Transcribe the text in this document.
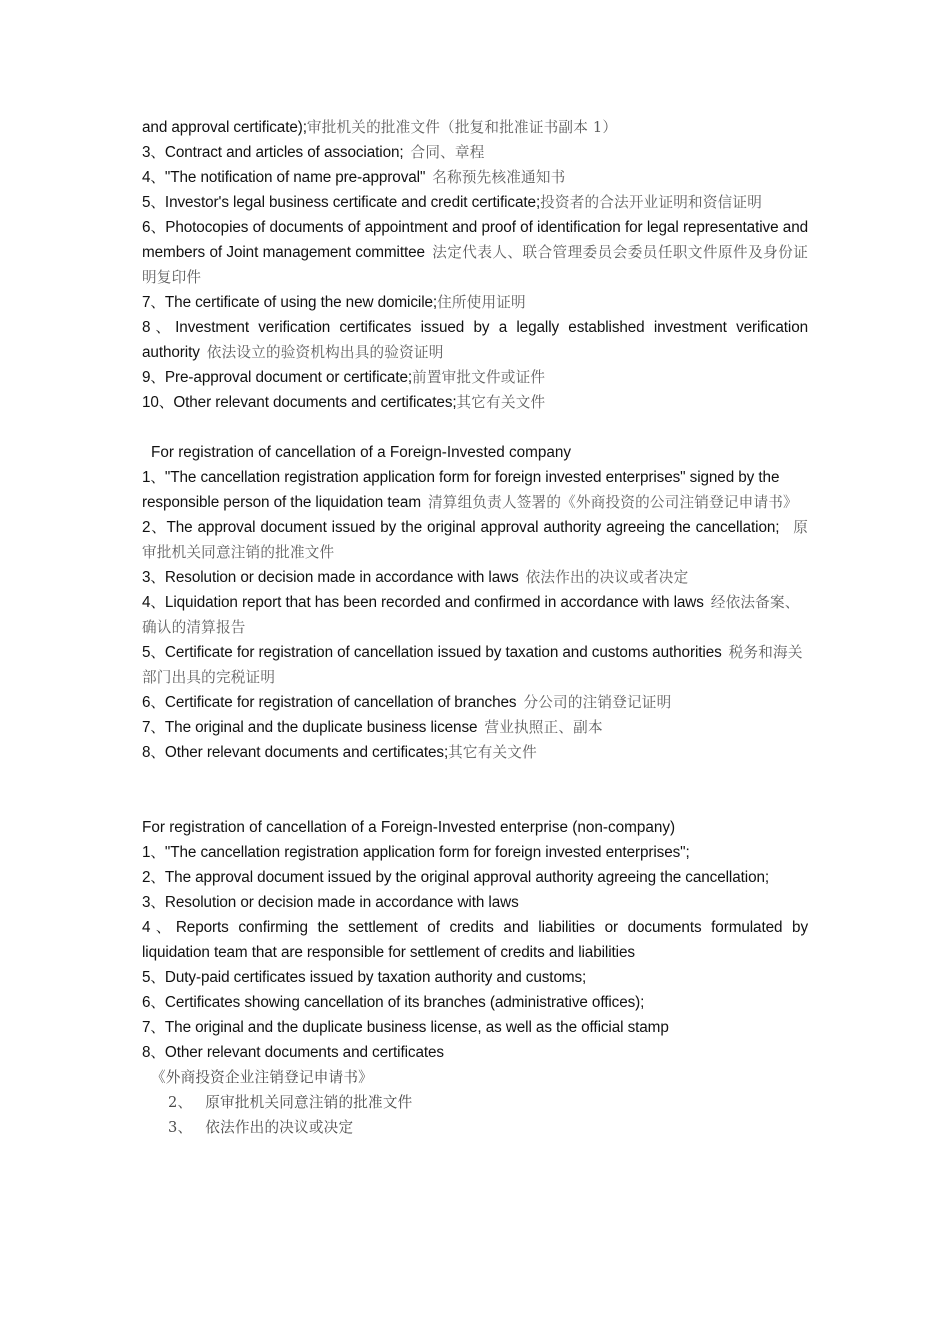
and approval certificate);审批机关的批准文件（批复和批准证书副本 1）

3、Contract and articles of association; 合同、章程

4、"The notification of name pre-approval" 名称预先核准通知书

5、Investor's legal business certificate and credit certificate;投资者的合法开业证明和资信证明

6、Photocopies of documents of appointment and proof of identification for legal representative and members of Joint management committee 法定代表人、联合管理委员会委员任职文件原件及身份证明复印件

7、The certificate of using the new domicile;住所使用证明

8、Investment verification certificates issued by a legally established investment verification authority 依法设立的验资机构出具的验资证明

9、Pre-approval document or certificate;前置审批文件或证件

10、Other relevant documents and certificates;其它有关文件

For registration of cancellation of a Foreign-Invested company

1、"The cancellation registration application form for foreign invested enterprises" signed by the responsible person of the liquidation team 清算组负责人签署的《外商投资的公司注销登记申请书》

2、The approval document issued by the original approval authority agreeing the cancellation; 原审批机关同意注销的批准文件

3、Resolution or decision made in accordance with laws 依法作出的决议或者决定

4、Liquidation report that has been recorded and confirmed in accordance with laws 经依法备案、确认的清算报告

5、Certificate for registration of cancellation issued by taxation and customs authorities 税务和海关部门出具的完税证明

6、Certificate for registration of cancellation of branches 分公司的注销登记证明

7、The original and the duplicate business license 营业执照正、副本

8、Other relevant documents and certificates;其它有关文件

For registration of cancellation of a Foreign-Invested enterprise (non-company)

1、"The cancellation registration application form for foreign invested enterprises";

2、The approval document issued by the original approval authority agreeing the cancellation;

3、Resolution or decision made in accordance with laws

4、Reports confirming the settlement of credits and liabilities or documents formulated by liquidation team that are responsible for settlement of credits and liabilities

5、Duty-paid certificates issued by taxation authority and customs;

6、Certificates showing cancellation of its branches (administrative offices);

7、The original and the duplicate business license, as well as the official stamp

8、Other relevant documents and certificates

《外商投资企业注销登记申请书》

2、 原审批机关同意注销的批准文件

3、 依法作出的决议或决定
